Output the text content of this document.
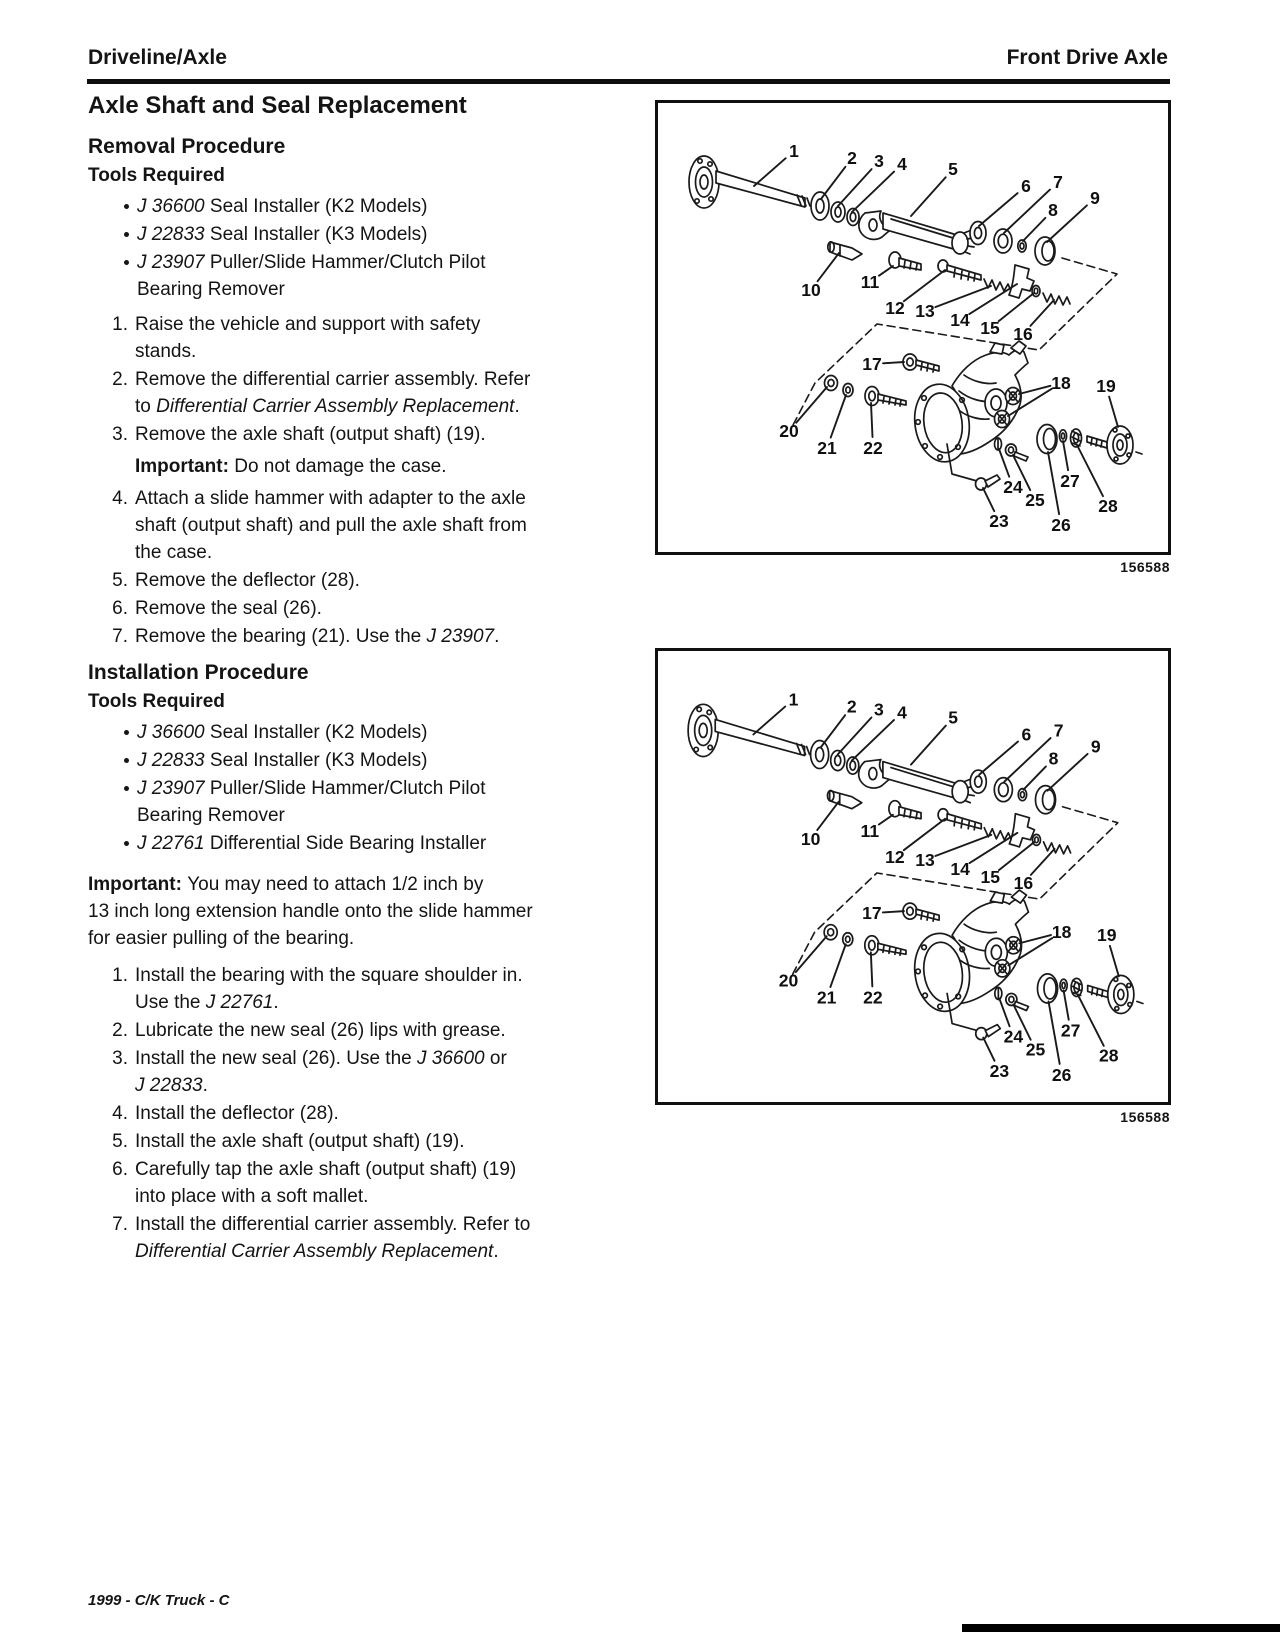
Driveline/Axle	Front Drive Axle
Axle Shaft and Seal Replacement
Removal Procedure
Tools Required
J 36600 Seal Installer (K2 Models)
J 22833 Seal Installer (K3 Models)
J 23907 Puller/Slide Hammer/Clutch Pilot
Bearing Remover
1. Raise the vehicle and support with safety
stands.
2. Remove the differential carrier assembly. Refer
to Differential Carrier Assembly Replacement.
3. Remove the axle shaft (output shaft) (19).
Important: Do not damage the case.
4. Attach a slide hammer with adapter to the axle
shaft (output shaft) and pull the axle shaft from
the case.
5. Remove the deflector (28).
6. Remove the seal (26).
7. Remove the bearing (21). Use the J 23907.
Installation Procedure
Tools Required
J 36600 Seal Installer (K2 Models)
J 22833 Seal Installer (K3 Models)
J 23907 Puller/Slide Hammer/Clutch Pilot
Bearing Remover
J 22761 Differential Side Bearing Installer
Important: You may need to attach 1/2 inch by
13 inch long extension handle onto the slide hammer
for easier pulling of the bearing.
1. Install the bearing with the square shoulder in.
Use the J 22761.
2. Lubricate the new seal (26) lips with grease.
3. Install the new seal (26). Use the J 36600 or
J 22833.
4. Install the deflector (28).
5. Install the axle shaft (output shaft) (19).
6. Carefully tap the axle shaft (output shaft) (19)
into place with a soft mallet.
7. Install the differential carrier assembly. Refer to
Differential Carrier Assembly Replacement.
1	2 3 4 5
6 7
8
9
10 11
12 13 14 15 16
17
18 19
20
21 22
23
24
25
26
27
28
156588
1	2 3 4 5
6 7
8
9
10 11
12 13 14 15 16
17
18 19
20
21 22
23
24
25
26
27
28
156588
1999 - C/K Truck - C
